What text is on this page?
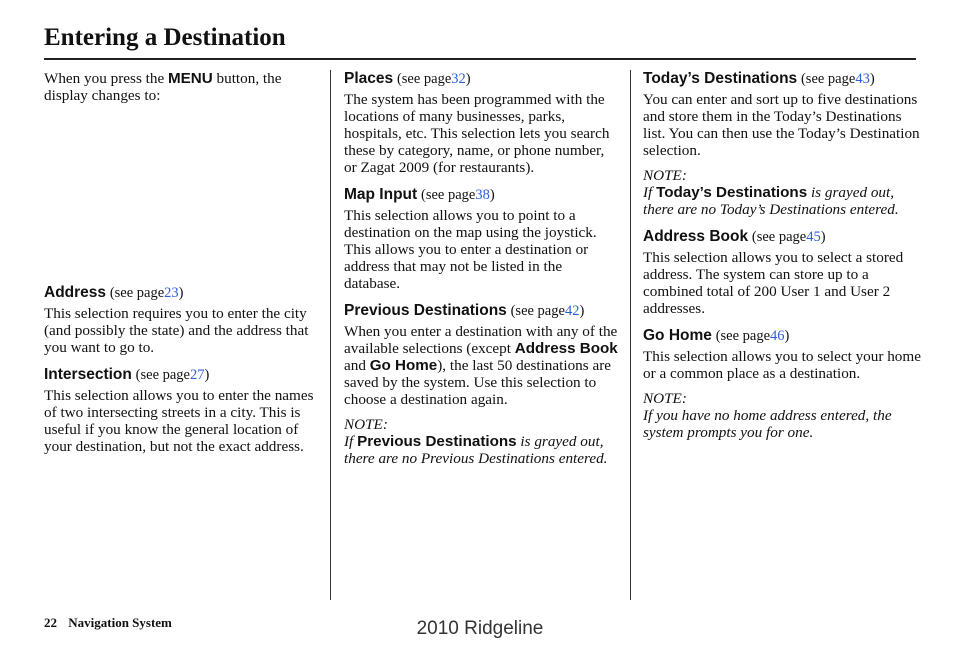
Entering a Destination

When you press the MENU button, the display changes to:

Address (see page23)

This selection requires you to enter the city (and possibly the state) and the address that you want to go to.

Intersection (see page27)

This selection allows you to enter the names of two intersecting streets in a city. This is useful if you know the general location of your destination, but not the exact address.

Places (see page32)

The system has been programmed with the locations of many businesses, parks, hospitals, etc. This selection lets you search these by category, name, or phone number, or Zagat 2009 (for restaurants).

Map Input (see page38)

This selection allows you to point to a destination on the map using the joystick. This allows you to enter a destination or address that may not be listed in the database.

Previous Destinations (see page42)

When you enter a destination with any of the available selections (except Address Book and Go Home), the last 50 destinations are saved by the system. Use this selection to choose a destination again.

NOTE:

If Previous Destinations is grayed out, there are no Previous Destinations entered.

Today’s Destinations (see page43)

You can enter and sort up to five destinations and store them in the Today’s Destinations list. You can then use the Today’s Destination selection.

NOTE:

If Today’s Destinations is grayed out, there are no Today’s Destinations entered.

Address Book (see page45)

This selection allows you to select a stored address. The system can store up to a combined total of 200 User 1 and User 2 addresses.

Go Home (see page46)

This selection allows you to select your home or a common place as a destination.

NOTE:

If you have no home address entered, the system prompts you for one.

22 Navigation System	2010 Ridgeline
